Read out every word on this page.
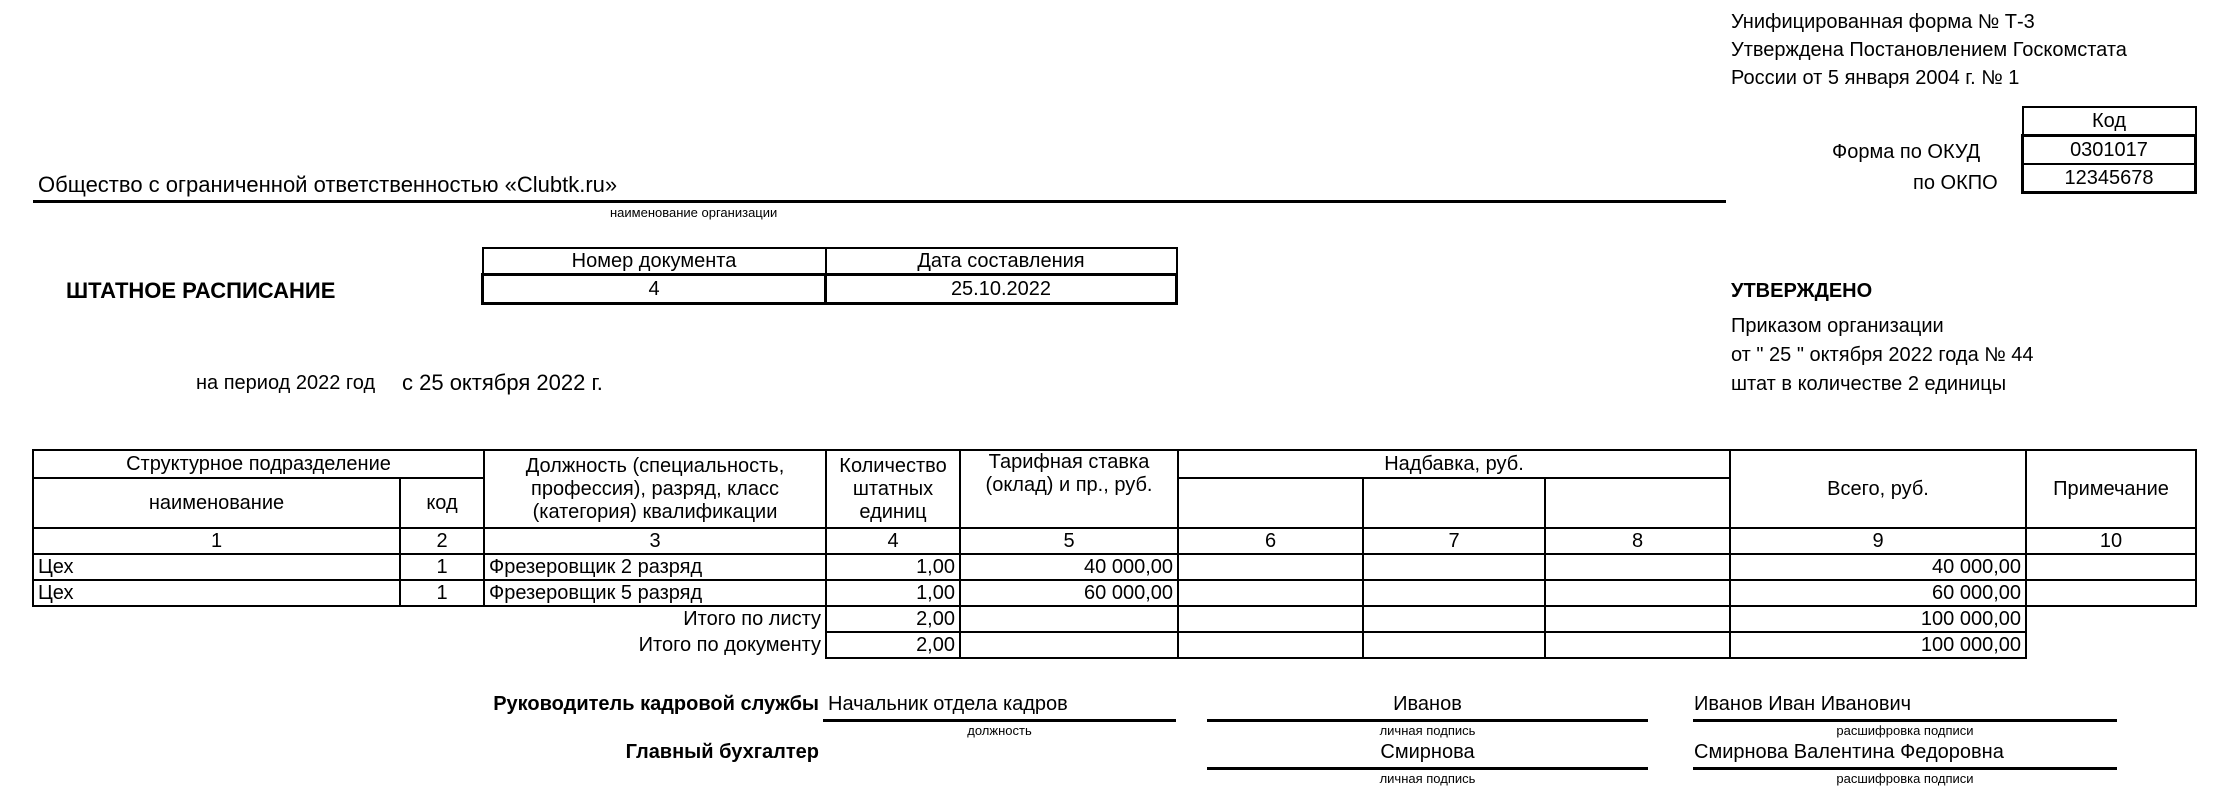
Унифицированная форма № Т-3
Утверждена Постановлением Госкомстата
России от 5 января 2004 г. № 1
Код
0301017
12345678
Форма по ОКУД
по ОКПО
Общество с ограниченной ответственностью «Clubtk.ru»
наименование организации
ШТАТНОЕ РАСПИСАНИЕ
Номер документа	Дата составления
4	25.10.2022
на период 2022 год с 25 октября 2022 г.
УТВЕРЖДЕНО
Приказом организации
от " 25 " октября 2022 года № 44
штат в количестве 2 единицы
Структурное подразделение		Должность (специальность, профессия), разряд, класс (категория) квалификации	Количество штатных единиц	Тарифная ставка (оклад) и пр., руб.	Надбавка, руб.			Всего, руб.	Примечание
наименование	код								
1	2	3	4	5	6	7	8	9	10
Цех	1	Фрезеровщик 2 разряд	1,00	40 000,00				40 000,00	
Цех	1	Фрезеровщик 5 разряд	1,00	60 000,00				60 000,00	
Итого по листу			2,00					100 000,00	
Итого по документу			2,00					100 000,00	
Руководитель кадровой службы Начальник отдела кадров
должность
Иванов
личная подпись
Иванов Иван Иванович
расшифровка подписи
Главный бухгалтер	Смирнова
личная подпись
Смирнова Валентина Федоровна
расшифровка подписи
